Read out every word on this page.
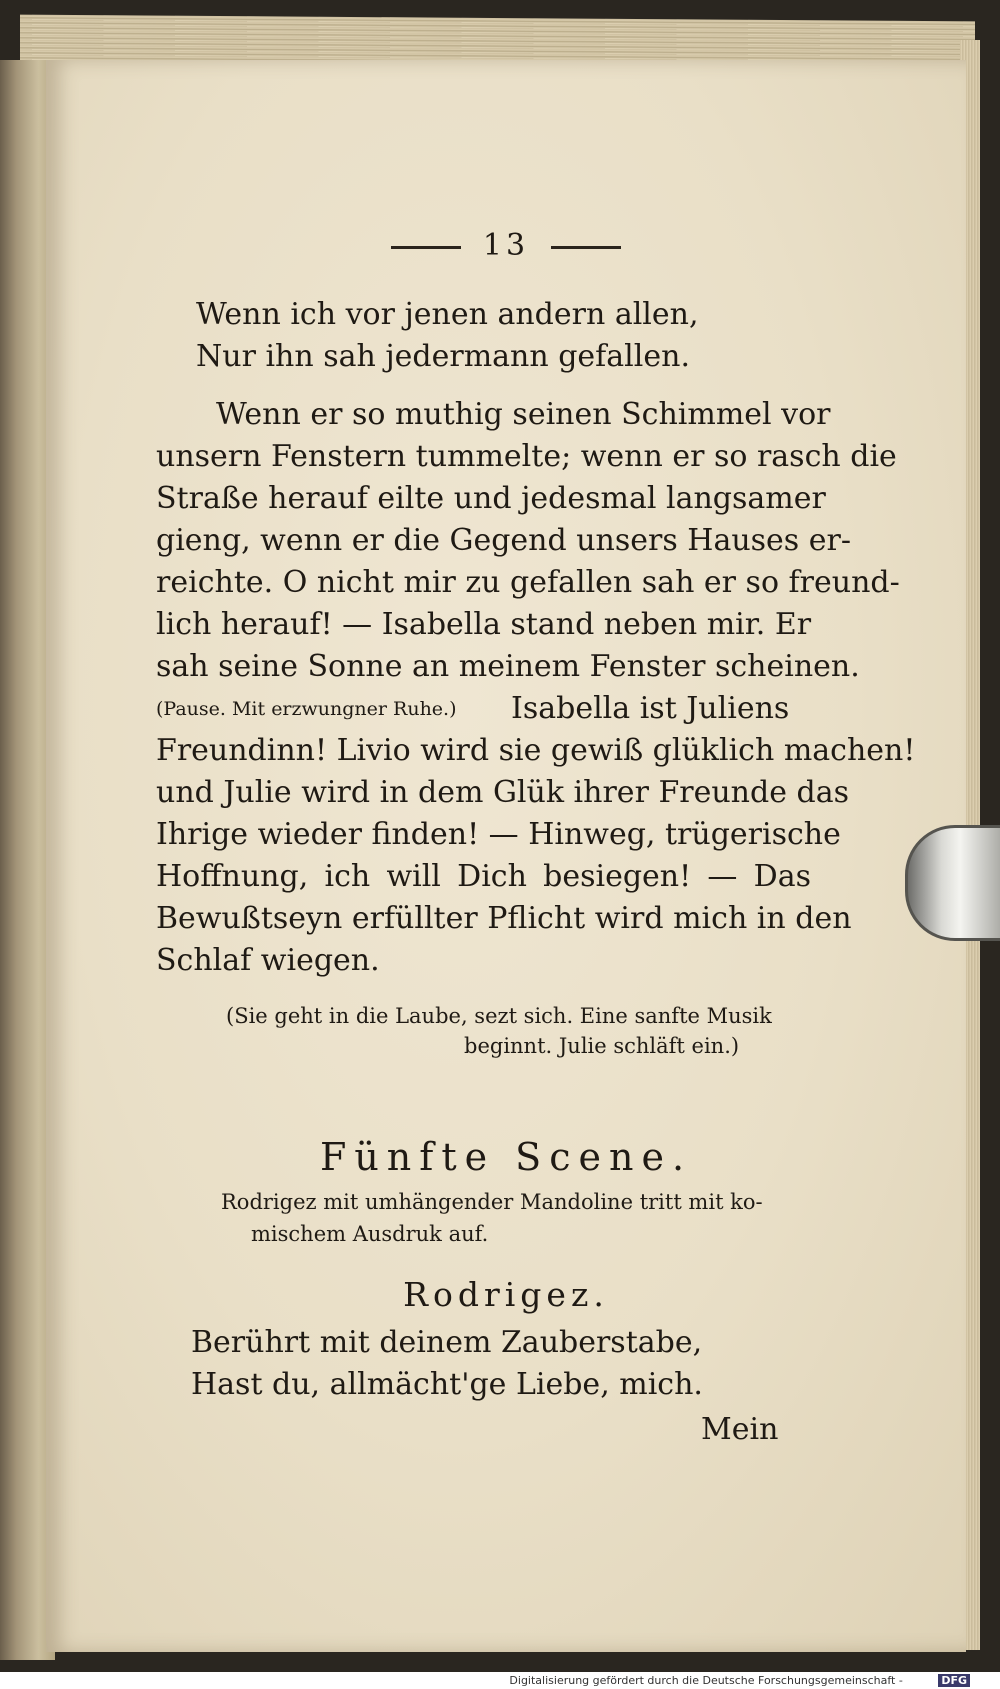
13
Wenn ich vor jenen andern allen,
Nur ihn sah jedermann gefallen.
Wenn er so muthig seinen Schimmel vor
unsern Fenstern tummelte; wenn er so rasch die
Straße herauf eilte und jedesmal langsamer
gieng, wenn er die Gegend unsers Hauses er-
reichte. O nicht mir zu gefallen sah er so freund-
lich herauf! — Isabella stand neben mir. Er
sah seine Sonne an meinem Fenster scheinen.
(Pause. Mit erzwungner Ruhe.) Isabella ist Juliens
Freundinn! Livio wird sie gewiß glüklich machen!
und Julie wird in dem Glük ihrer Freunde das
Ihrige wieder finden! — Hinweg, trügerische
Hoffnung, ich will Dich besiegen! — Das
Bewußtseyn erfüllter Pflicht wird mich in den
Schlaf wiegen.
(Sie geht in die Laube, sezt sich. Eine sanfte Musik
beginnt. Julie schläft ein.)
Fünfte Scene.
Rodrigez mit umhängender Mandoline tritt mit ko-
mischem Ausdruk auf.
Rodrigez.
Berührt mit deinem Zauberstabe,
Hast du, allmächt'ge Liebe, mich.
Mein
Digitalisierung gefördert durch die Deutsche Forschungsgemeinschaft -	DFG
